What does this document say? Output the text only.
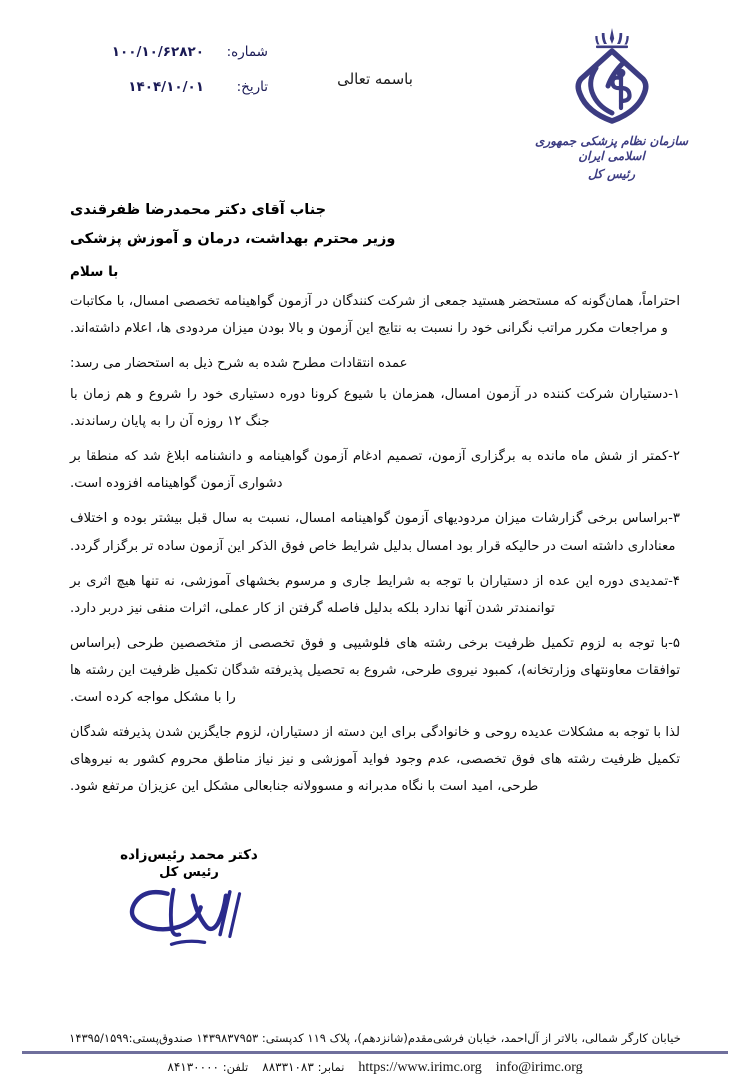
شماره:
۱۰۰/۱۰/۶۲۸۲۰
تاریخ:
۱۴۰۴/۱۰/۰۱	باسمه تعالی
سازمان نظام پزشکی جمهوری اسلامی ایران
رئیس کل
جناب آقای دکتر محمدرضا ظفرقندی
وزیر محترم بهداشت، درمان و آموزش پزشکی
با سلام

احتراماً، همان‌گونه که مستحضر هستید جمعی از شرکت کنندگان در آزمون گواهینامه تخصصی امسال، با مکاتبات و مراجعات مکرر مراتب نگرانی خود را نسبت به نتایج این آزمون و بالا بودن میزان مردودی ها، اعلام داشته‌اند.

عمده انتقادات مطرح شده به شرح ذیل به استحضار می رسد:

۱-دستیاران شرکت کننده در آزمون امسال، همزمان با شیوع کرونا دوره دستیاری خود را شروع و هم زمان با جنگ ۱۲ روزه آن را به پایان رساندند.

۲-کمتر از شش ماه مانده به برگزاری آزمون، تصمیم ادغام آزمون گواهینامه و دانشنامه ابلاغ شد که منطقا بر دشواری آزمون گواهینامه افزوده است.

۳-براساس برخی گزارشات میزان مردودیهای آزمون گواهینامه امسال، نسبت به سال قبل بیشتر بوده و اختلاف معناداری داشته است در حالیکه قرار بود امسال بدلیل شرایط خاص فوق الذکر این آزمون ساده تر برگزار گردد.

۴-تمدیدی دوره این عده از دستیاران با توجه به شرایط جاری و مرسوم بخشهای آموزشی، نه تنها هیچ اثری بر توانمندتر شدن آنها ندارد بلکه بدلیل فاصله گرفتن از کار عملی، اثرات منفی نیز دربر دارد.

۵-با توجه به لزوم تکمیل ظرفیت برخی رشته های فلوشیپی و فوق تخصصی از متخصصین طرحی (براساس توافقات معاونتهای وزارتخانه)، کمبود نیروی طرحی، شروع به تحصیل پذیرفته شدگان تکمیل ظرفیت این رشته ها را با مشکل مواجه کرده است.

لذا با توجه به مشکلات عدیده روحی و خانوادگی برای این دسته از دستیاران، لزوم جایگزین شدن پذیرفته شدگان تکمیل ظرفیت رشته های فوق تخصصی، عدم وجود فواید آموزشی و نیز نیاز مناطق محروم کشور به نیروهای طرحی، امید است با نگاه مدبرانه و مسوولانه جنابعالی مشکل این عزیزان مرتفع شود.

دکتر محمد رئیس‌زاده
رئیس کل
خیابان کارگر شمالی، بالاتر از آل‌احمد، خیابان فرشی‌مقدم(شانزدهم)، پلاک ۱۱۹ کدپستی: ۱۴۳۹۸۳۷۹۵۳ صندوق‌پستی:۱۴۳۹۵/۱۵۹۹
تلفن: ۸۴۱۳۰۰۰۰	نمابر: ۸۸۳۳۱۰۸۳	https://www.irimc.org info@irimc.org
